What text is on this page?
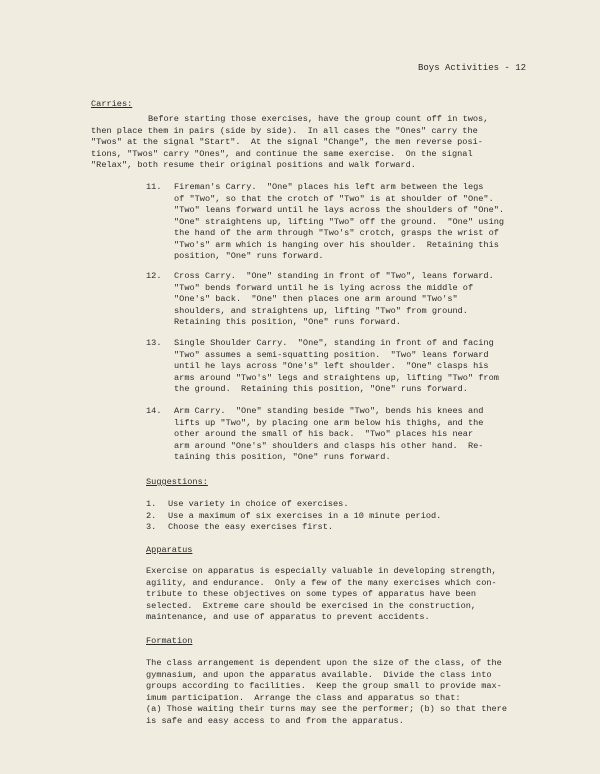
Boys Activities - 12
Carries:
Before starting those exercises, have the group count off in twos,
then place them in pairs (side by side).  In all cases the "Ones" carry the
"Twos" at the signal "Start".  At the signal "Change", the men reverse posi-
tions, "Twos" carry "Ones", and continue the same exercise.  On the signal
"Relax", both resume their original positions and walk forward.
11. Fireman's Carry.  "One" places his left arm between the legs
of "Two", so that the crotch of "Two" is at shoulder of "One".
"Two" leans forward until he lays across the shoulders of "One".
"One" straightens up, lifting "Two" off the ground.  "One" using
the hand of the arm through "Two's" crotch, grasps the wrist of
"Two's" arm which is hanging over his shoulder.  Retaining this
position, "One" runs forward.
12. Cross Carry.  "One" standing in front of "Two", leans forward.
"Two" bends forward until he is lying across the middle of
"One's" back.  "One" then places one arm around "Two's"
shoulders, and straightens up, lifting "Two" from ground.
Retaining this position, "One" runs forward.
13. Single Shoulder Carry.  "One", standing in front of and facing
"Two" assumes a semi-squatting position.  "Two" leans forward
until he lays across "One's" left shoulder.  "One" clasps his
arms around "Two's" legs and straightens up, lifting "Two" from
the ground.  Retaining this position, "One" runs forward.
14. Arm Carry.  "One" standing beside "Two", bends his knees and
lifts up "Two", by placing one arm below his thighs, and the
other around the small of his back.  "Two" places his near
arm around "One's" shoulders and clasps his other hand.  Re-
taining this position, "One" runs forward.
Suggestions:
1. Use variety in choice of exercises.
2. Use a maximum of six exercises in a 10 minute period.
3. Choose the easy exercises first.
Apparatus
Exercise on apparatus is especially valuable in developing strength,
agility, and endurance.  Only a few of the many exercises which con-
tribute to these objectives on some types of apparatus have been
selected.  Extreme care should be exercised in the construction,
maintenance, and use of apparatus to prevent accidents.
Formation
The class arrangement is dependent upon the size of the class, of the
gymnasium, and upon the apparatus available.  Divide the class into
groups according to facilities.  Keep the group small to provide max-
imum participation.  Arrange the class and apparatus so that:
(a) Those waiting their turns may see the performer; (b) so that there
is safe and easy access to and from the apparatus.
